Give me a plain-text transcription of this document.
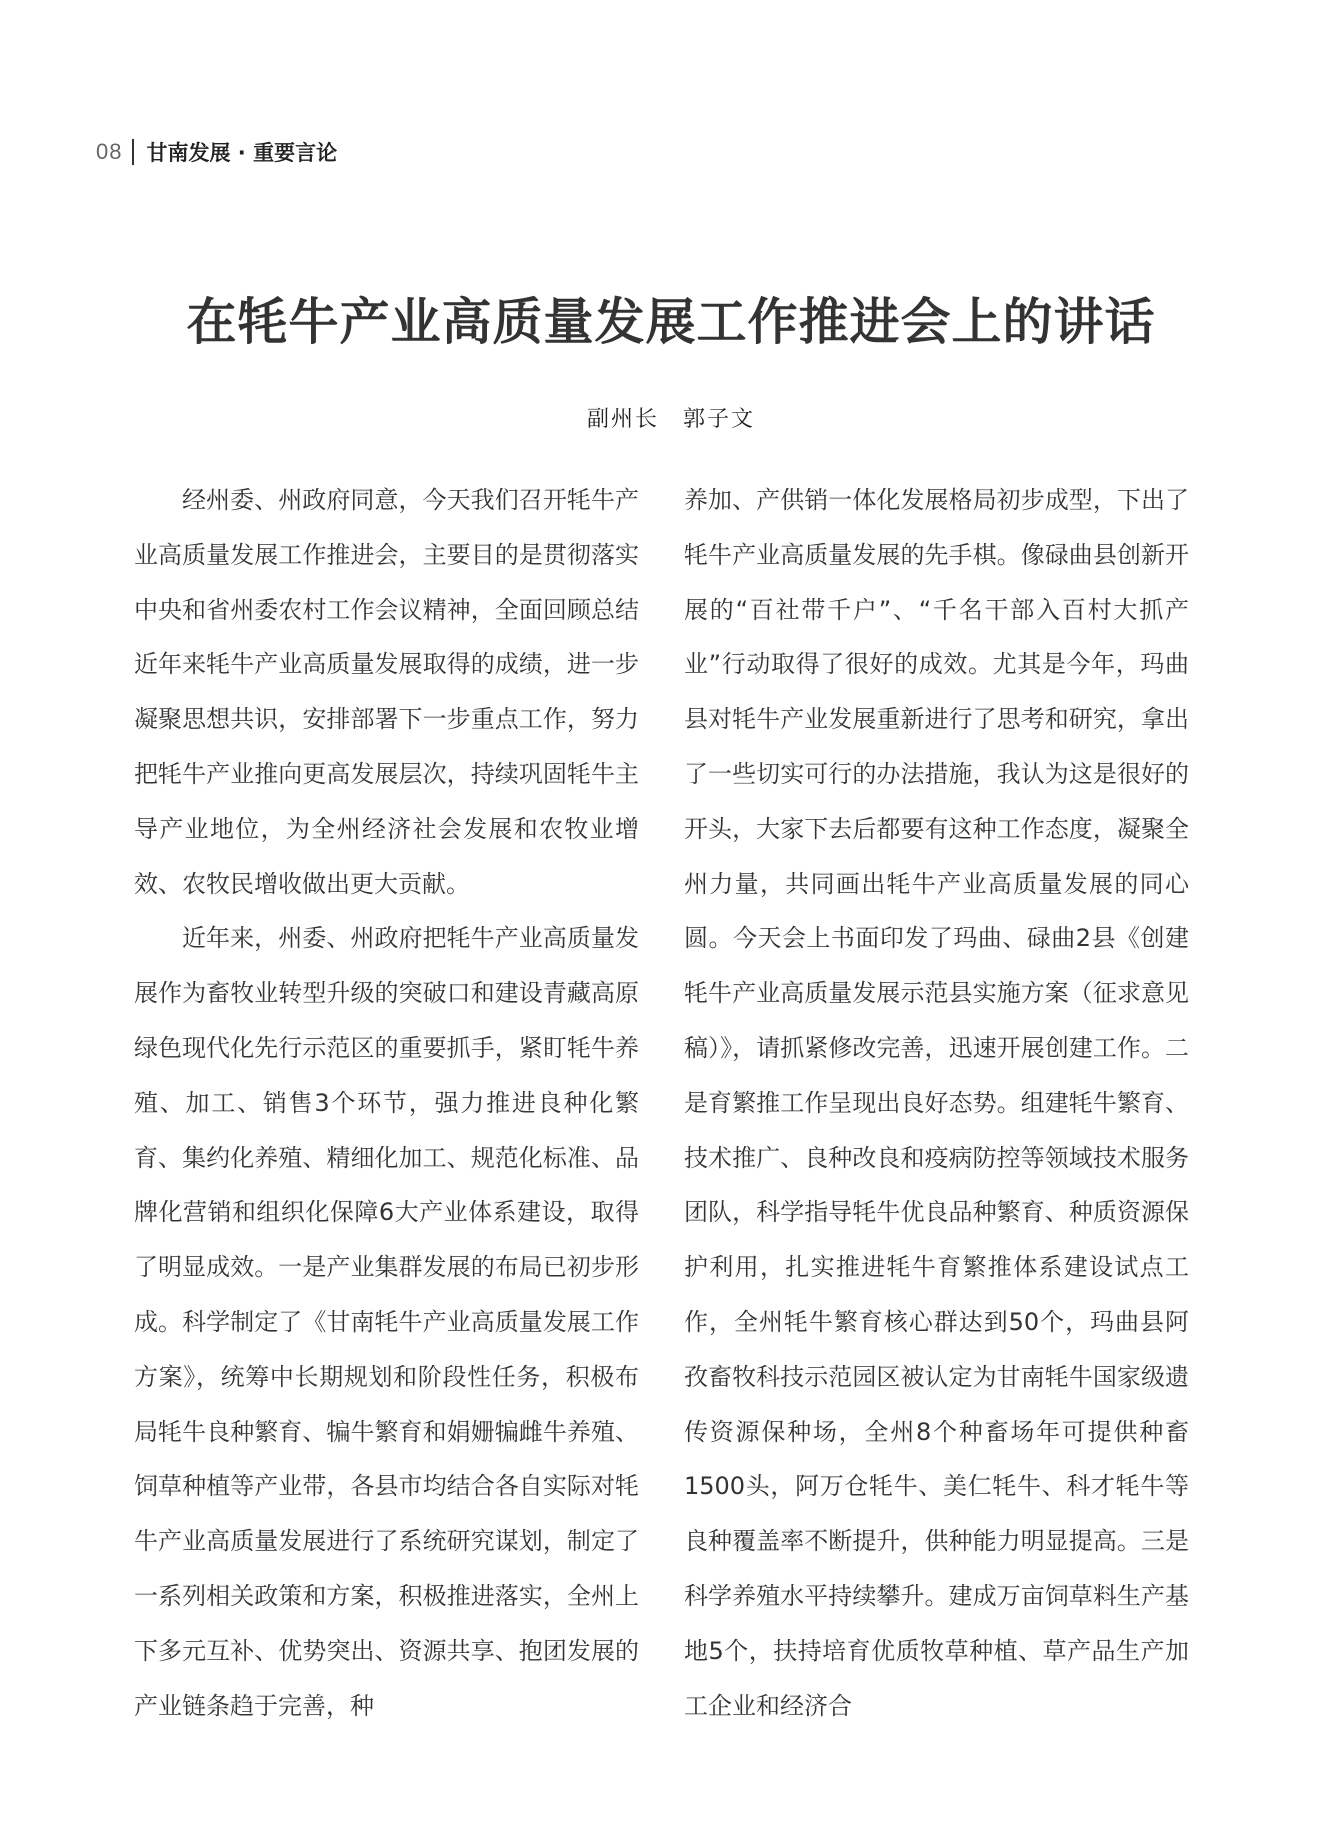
08 甘南发展 · 重要言论
在牦牛产业高质量发展工作推进会上的讲话
副州长 郭子文

经州委、州政府同意，今天我们召开牦牛产业高质量发展工作推进会，主要目的是贯彻落实中央和省州委农村工作会议精神，全面回顾总结近年来牦牛产业高质量发展取得的成绩，进一步凝聚思想共识，安排部署下一步重点工作，努力把牦牛产业推向更高发展层次，持续巩固牦牛主导产业地位，为全州经济社会发展和农牧业增效、农牧民增收做出更大贡献。

近年来，州委、州政府把牦牛产业高质量发展作为畜牧业转型升级的突破口和建设青藏高原绿色现代化先行示范区的重要抓手，紧盯牦牛养殖、加工、销售3个环节，强力推进良种化繁育、集约化养殖、精细化加工、规范化标准、品牌化营销和组织化保障6大产业体系建设，取得了明显成效。一是产业集群发展的布局已初步形成。科学制定了《甘南牦牛产业高质量发展工作方案》，统筹中长期规划和阶段性任务，积极布局牦牛良种繁育、犏牛繁育和娟姗犏雌牛养殖、饲草种植等产业带，各县市均结合各自实际对牦牛产业高质量发展进行了系统研究谋划，制定了一系列相关政策和方案，积极推进落实，全州上下多元互补、优势突出、资源共享、抱团发展的产业链条趋于完善，种

养加、产供销一体化发展格局初步成型，下出了牦牛产业高质量发展的先手棋。像碌曲县创新开展的“百社带千户”、“千名干部入百村大抓产业”行动取得了很好的成效。尤其是今年，玛曲县对牦牛产业发展重新进行了思考和研究，拿出了一些切实可行的办法措施，我认为这是很好的开头，大家下去后都要有这种工作态度，凝聚全州力量，共同画出牦牛产业高质量发展的同心圆。今天会上书面印发了玛曲、碌曲2县《创建牦牛产业高质量发展示范县实施方案（征求意见稿）》，请抓紧修改完善，迅速开展创建工作。二是育繁推工作呈现出良好态势。组建牦牛繁育、技术推广、良种改良和疫病防控等领域技术服务团队，科学指导牦牛优良品种繁育、种质资源保护利用，扎实推进牦牛育繁推体系建设试点工作，全州牦牛繁育核心群达到50个，玛曲县阿孜畜牧科技示范园区被认定为甘南牦牛国家级遗传资源保种场，全州8个种畜场年可提供种畜1500头，阿万仓牦牛、美仁牦牛、科才牦牛等良种覆盖率不断提升，供种能力明显提高。三是科学养殖水平持续攀升。建成万亩饲草料生产基地5个，扶持培育优质牧草种植、草产品生产加工企业和经济合
